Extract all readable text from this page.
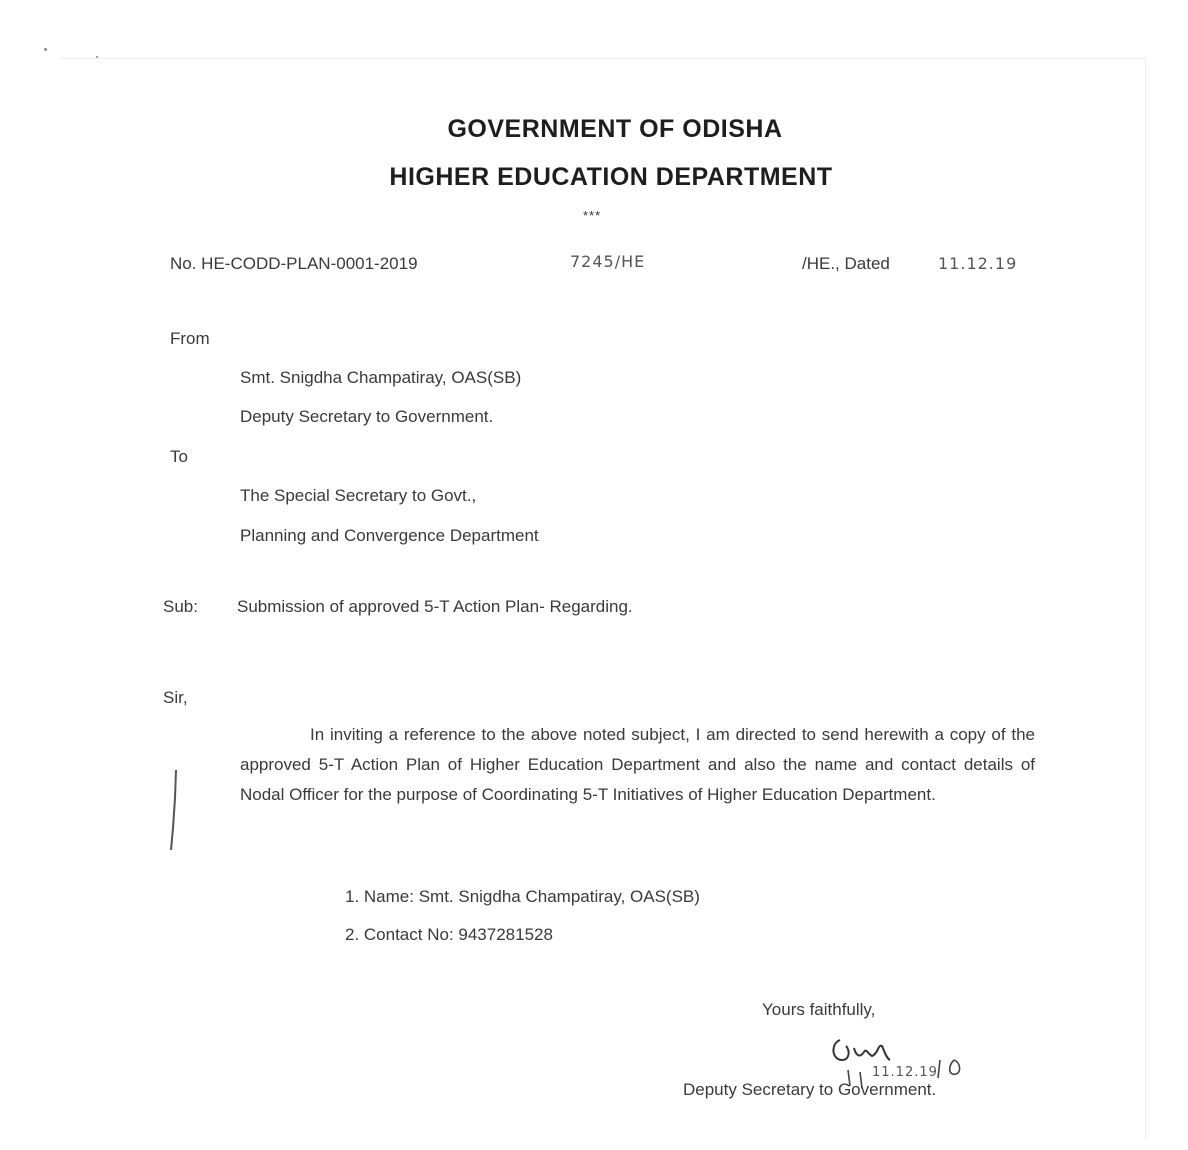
GOVERNMENT OF ODISHA
HIGHER EDUCATION DEPARTMENT
***
No. HE-CODD-PLAN-0001-2019	7245/HE	/HE., Dated	11.12.19
From
Smt. Snigdha Champatiray, OAS(SB)
Deputy Secretary to Government.
To
The Special Secretary to Govt.,
Planning and Convergence Department
Sub: Submission of approved 5-T Action Plan- Regarding.
Sir,
In inviting a reference to the above noted subject, I am directed to send herewith a copy of the approved 5-T Action Plan of Higher Education Department and also the name and contact details of Nodal Officer for the purpose of Coordinating 5-T Initiatives of Higher Education Department.
1. Name: Smt. Snigdha Champatiray, OAS(SB)
2. Contact No: 9437281528
Yours faithfully,
11.12.19
Deputy Secretary to Government.
